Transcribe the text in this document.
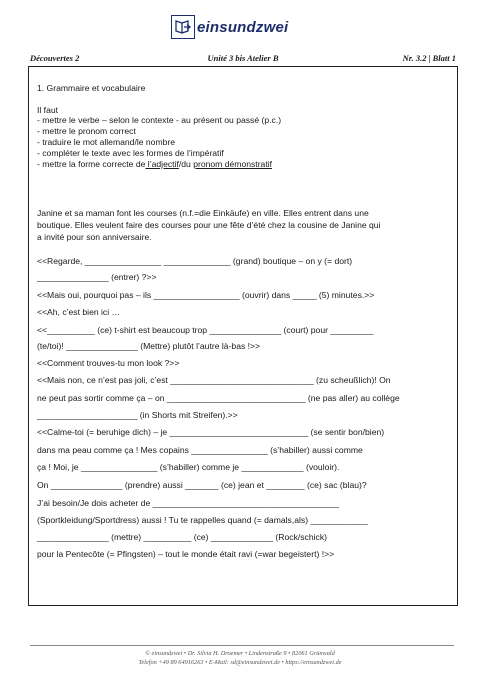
einsundzwei
Découvertes 2	Unité 3 bis Atelier B	Nr. 3.2 | Blatt 1
1. Grammaire et vocabulaire
Il faut
- mettre le verbe – selon le contexte - au présent ou passé (p.c.)
- mettre le pronom correct
- traduire le mot allemand/le nombre
- compléter le texte avec les formes de l’impératif
- mettre la forme correcte de l’adjectif/du pronom démonstratif
Janine et sa maman font les courses (n.f.=die Einkäufe) en ville. Elles entrent dans une
boutique. Elles veulent faire des courses pour une fête d’été chez la cousine de Janine qui
a invité pour son anniversaire.
<<Regarde, ________________ ______________ (grand) boutique – on y (= dort)
_______________ (entrer) ?>>
<<Mais oui, pourquoi pas – ils __________________ (ouvrir) dans _____ (5) minutes.>>
<<Ah, c’est bien ici …
<<__________ (ce) t-shirt est beaucoup trop _______________ (court) pour _________
(te/toi)! _______________ (Mettre) plutôt l’autre là-bas !>>
<<Comment trouves-tu mon look ?>>
<<Mais non, ce n’est pas joli, c’est ______________________________ (zu scheußlich)! On
ne peut pas sortir comme ça – on _____________________________ (ne pas aller) au collège
_____________________ (in Shorts mit Streifen).>>
<<Calme-toi (= beruhige dich) – je _____________________________ (se sentir bon/bien)
dans ma peau comme ça ! Mes copains ________________ (s’habiller) aussi comme
ça ! Moi, je ________________ (s’habiller) comme je _____________ (vouloir).
On _______________ (prendre) aussi _______ (ce) jean et ________ (ce) sac (blau)?
J’ai besoin/Je dois acheter de _______________________________________
(Sportkleidung/Sportdress) aussi ! Tu te rappelles quand (= damals,als) ____________
_______________ (mettre) __________ (ce) _____________ (Rock/schick)
pour la Pentecôte (= Pfingsten) – tout le monde était ravi (=war begeistert) !>>
© einsundzwei • Dr. Silvia H. Droemer • Lindenstraße 9 • 82061 Grünwald
Telefon +49 89 64916263 • E-Mail: sd@einsundzwei.de • https://einsundzwei.de
